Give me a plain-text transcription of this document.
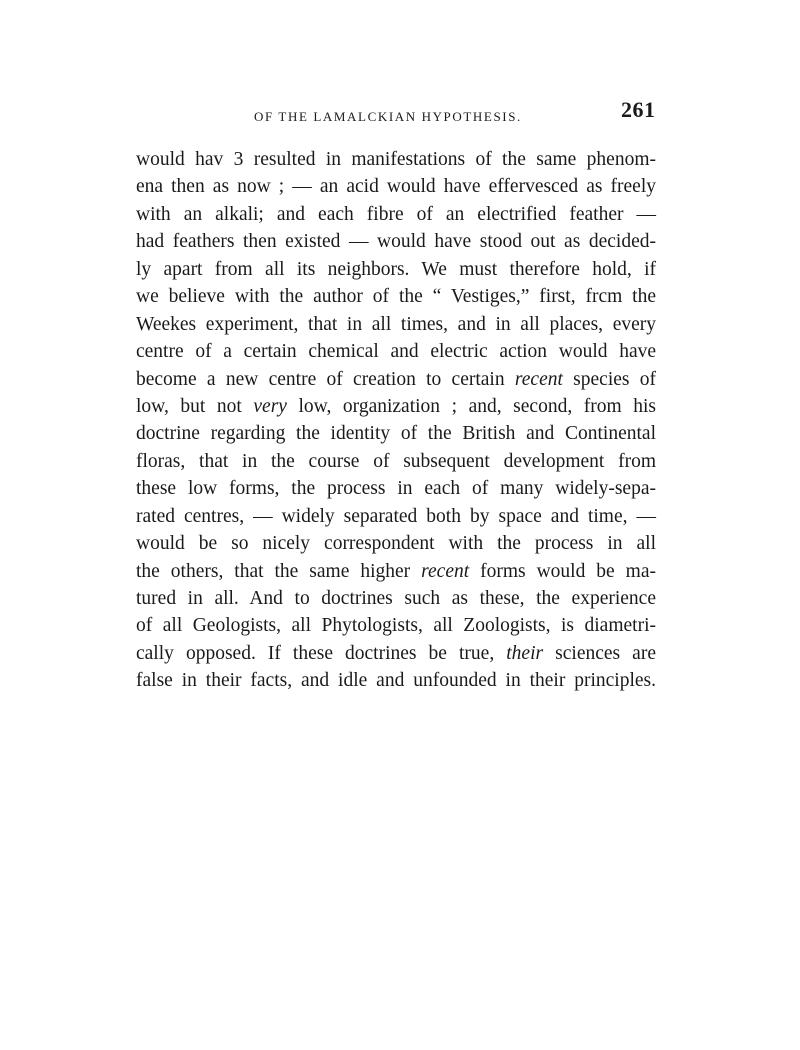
OF THE LAMALCKIAN HYPOTHESIS.	261
would hav 3 resulted in manifestations of the same phenom-
ena then as now ; — an acid would have effervesced as freely
with an alkali; and each fibre of an electrified feather —
had feathers then existed — would have stood out as decided-
ly apart from all its neighbors. We must therefore hold, if
we believe with the author of the “ Vestiges,” first, frcm the
Weekes experiment, that in all times, and in all places, every
centre of a certain chemical and electric action would have
become a new centre of creation to certain recent species of
low, but not very low, organization ; and, second, from his
doctrine regarding the identity of the British and Continental
floras, that in the course of subsequent development from
these low forms, the process in each of many widely-sepa-
rated centres, — widely separated both by space and time, —
would be so nicely correspondent with the process in all
the others, that the same higher recent forms would be ma-
tured in all. And to doctrines such as these, the experience
of all Geologists, all Phytologists, all Zoologists, is diametri-
cally opposed. If these doctrines be true, their sciences are
false in their facts, and idle and unfounded in their principles.
